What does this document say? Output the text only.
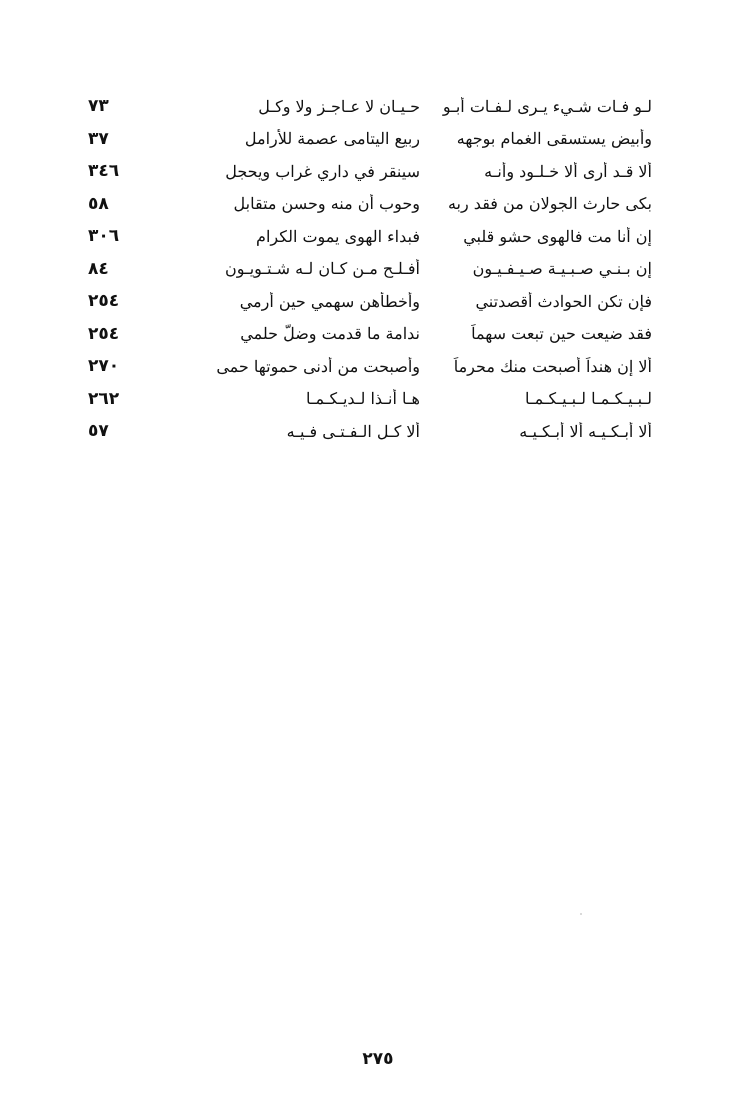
لـو فـات شـيء يـرى لـفـات أبـو
حـيـان لا عـاجـز ولا وكـل
٧٣
وأبيض يستسقى الغمام بوجهه
ربيع اليتامى عصمة للأرامل
٣٧
ألا قـد أرى ألا خـلـود وأنـه
سينقر في داري غراب ويحجل
٣٤٦
بكى حارث الجولان من فقد ربه
وحوب أن منه وحسن متقابل
٥٨
إن أنا مت فالهوى حشو قلبي
فبداء الهوى يموت الكرام
٣٠٦
إن بـنـي صـبـيـة صـيـفـيـون
أفـلـح مـن كـان لـه شـتـويـون
٨٤
فإن تكن الحوادث أقصدتني
وأخطأهن سهمي حين أرمي
٢٥٤
فقد ضيعت حين تبعت سهماً
ندامة ما قدمت وضلَّ حلمي
٢٥٤
ألا إن هنداً أصبحت منك محرماً
وأصبحت من أدنى حموتها حمى
٢٧٠
لـبـيـكـمـا لـبـيـكـمـا
هـا أنـذا لـديـكـمـا
٢٦٢
ألا أبـكـيـه ألا أبـكـيـه
ألا كـل الـفـتـى فـيـه
٥٧
٢٧٥
